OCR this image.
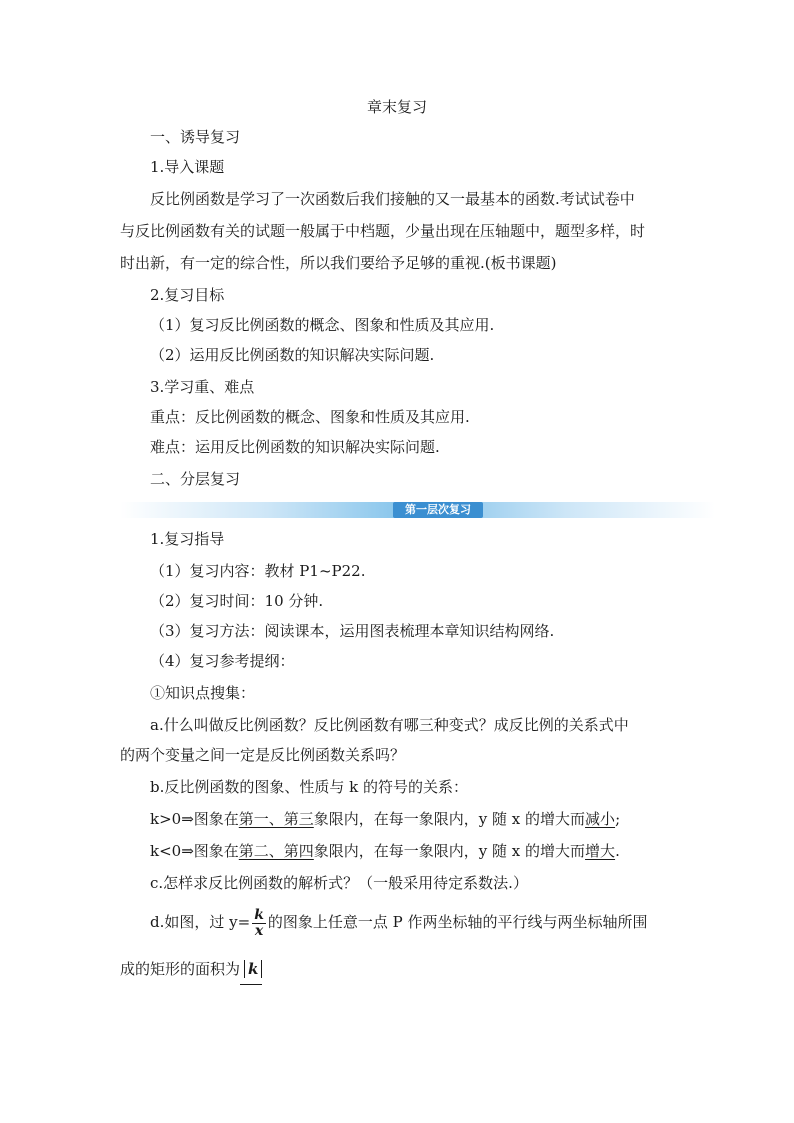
章末复习
一、诱导复习
1.导入课题
反比例函数是学习了一次函数后我们接触的又一最基本的函数.考试试卷中
与反比例函数有关的试题一般属于中档题，少量出现在压轴题中，题型多样，时
时出新，有一定的综合性，所以我们要给予足够的重视.(板书课题)
2.复习目标
（1）复习反比例函数的概念、图象和性质及其应用.
（2）运用反比例函数的知识解决实际问题.
3.学习重、难点
重点：反比例函数的概念、图象和性质及其应用.
难点：运用反比例函数的知识解决实际问题.
二、分层复习
第一层次复习
1.复习指导
（1）复习内容：教材 P1~P22.
（2）复习时间：10 分钟.
（3）复习方法：阅读课本，运用图表梳理本章知识结构网络.
（4）复习参考提纲：
①知识点搜集：
a.什么叫做反比例函数？反比例函数有哪三种变式？成反比例的关系式中
的两个变量之间一定是反比例函数关系吗？
b.反比例函数的图象、性质与 k 的符号的关系：
k>0⇒图象在第一、第三象限内，在每一象限内，y 随 x 的增大而减小;
k<0⇒图象在第二、第四象限内，在每一象限内，y 随 x 的增大而增大.
c.怎样求反比例函数的解析式？（一般采用待定系数法.）
d.如图，过 $y= \frac{k}{x}$ 的图象上任意一点 P 作两坐标轴的平行线与两坐标轴所围
成的矩形的面积为 k
